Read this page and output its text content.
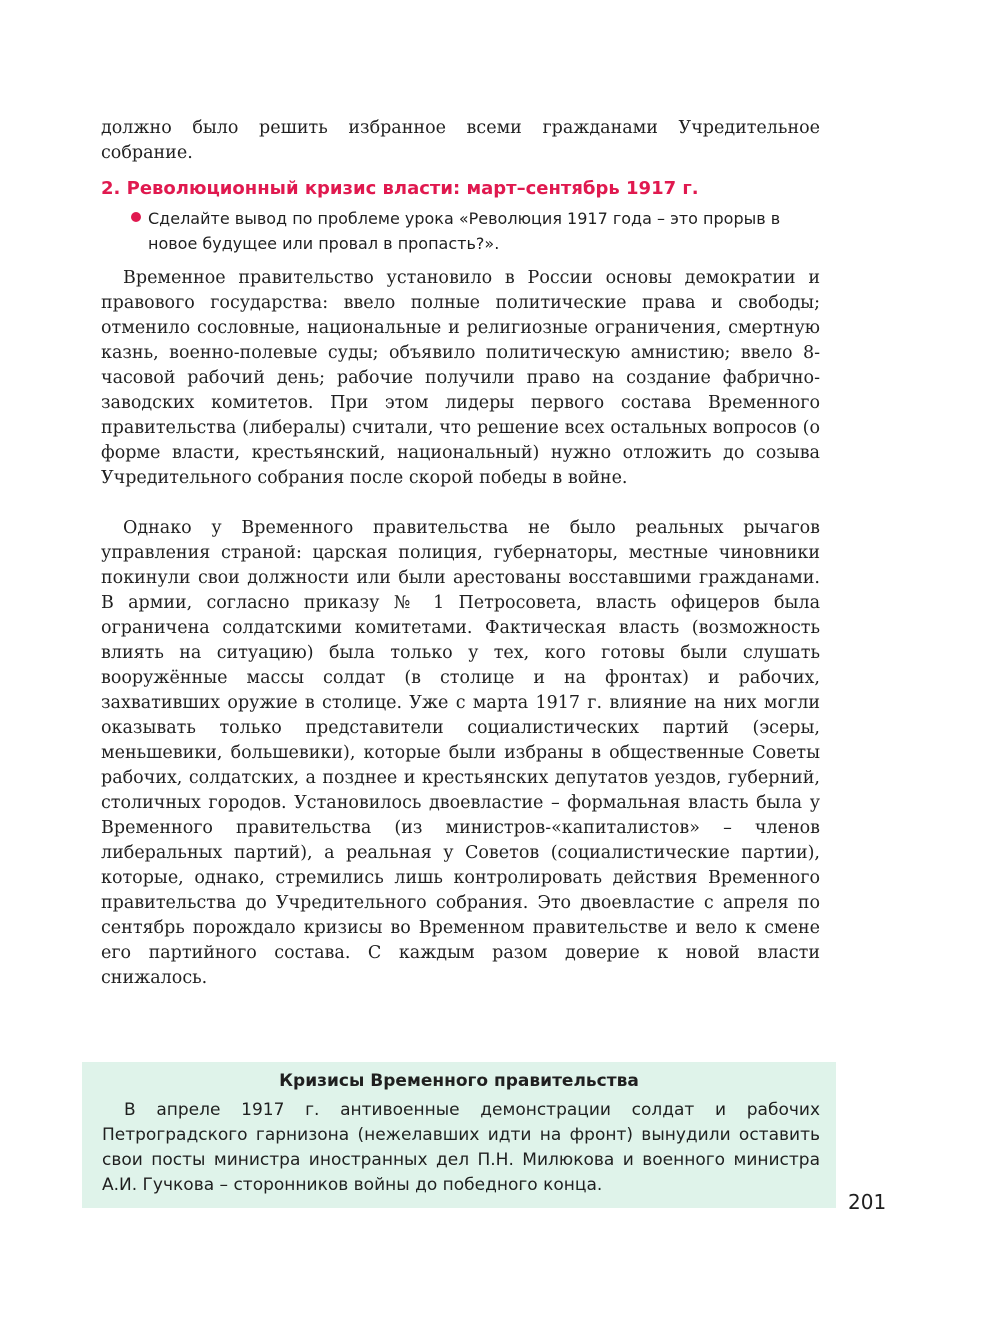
должно было решить избранное всеми гражданами Учредительное собрание.

2. Революционный кризис власти: март–сентябрь 1917 г.
Сделайте вывод по проблеме урока «Революция 1917 года – это прорыв в новое будущее или провал в пропасть?».

Временное правительство установило в России основы демократии и правового государства: ввело полные политические права и свободы; отменило сословные, национальные и религиозные ограничения, смертную казнь, военно-полевые суды; объявило политическую амнистию; ввело 8-часовой рабочий день; рабочие получили право на создание фабрично-заводских комитетов. При этом лидеры первого состава Временного правительства (либералы) считали, что решение всех остальных вопросов (о форме власти, крестьянский, национальный) нужно отложить до созыва Учредительного собрания после скорой победы в войне.

Однако у Временного правительства не было реальных рычагов управления страной: царская полиция, губернаторы, местные чиновники покинули свои должности или были арестованы восставшими гражданами. В армии, согласно приказу № 1 Петросовета, власть офицеров была ограничена солдатскими комитетами. Фактическая власть (возможность влиять на ситуацию) была только у тех, кого готовы были слушать вооружённые массы солдат (в столице и на фронтах) и рабочих, захвативших оружие в столице. Уже с марта 1917 г. влияние на них могли оказывать только представители социалистических партий (эсеры, меньшевики, большевики), которые были избраны в общественные Советы рабочих, солдатских, а позднее и крестьянских депутатов уездов, губерний, столичных городов. Установилось двоевластие – формальная власть была у Временного правительства (из министров-«капиталистов» – членов либеральных партий), а реальная у Советов (социалистические партии), которые, однако, стремились лишь контролировать действия Временного правительства до Учредительного собрания. Это двоевластие с апреля по сентябрь порождало кризисы во Временном правительстве и вело к смене его партийного состава. С каждым разом доверие к новой власти снижалось.

Кризисы Временного правительства

В апреле 1917 г. антивоенные демонстрации солдат и рабочих Петроградского гарнизона (нежелавших идти на фронт) вынудили оставить свои посты министра иностранных дел П.Н. Милюкова и военного министра А.И. Гучкова – сторонников войны до победного конца.

201
